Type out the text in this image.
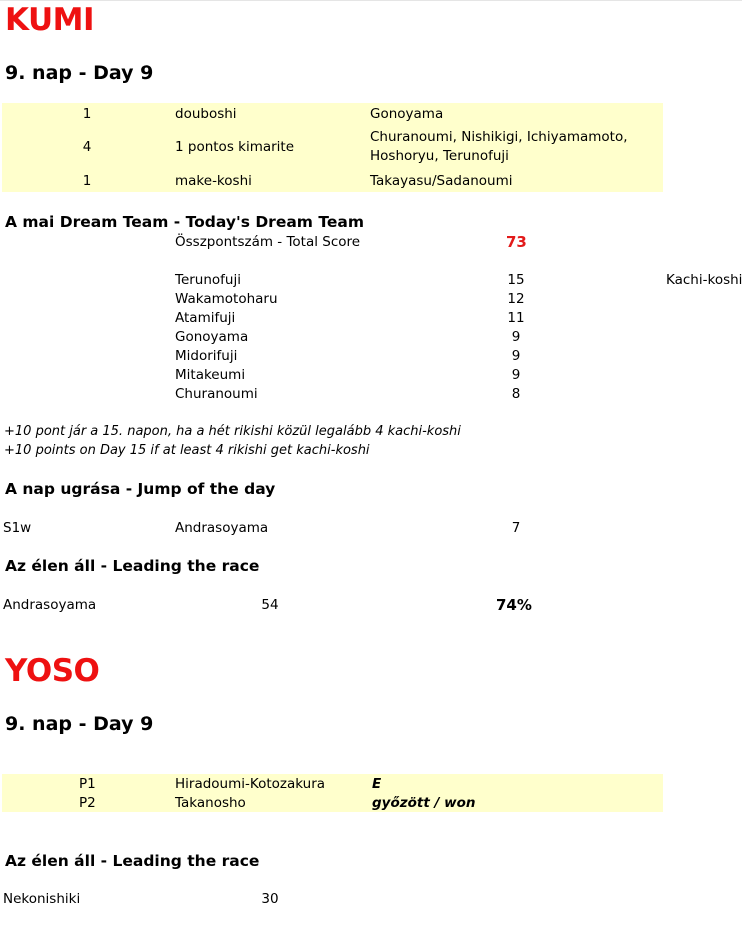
KUMI
9. nap - Day 9
1	douboshi	Gonoyama
4	1 pontos kimarite
Churanoumi, Nishikigi, Ichiyamamoto,
Hoshoryu, Terunofuji
1	make-koshi	Takayasu/Sadanoumi
A mai Dream Team - Today's Dream Team
Összpontszám - Total Score	73
Terunofuji	15	Kachi-koshi
Wakamotoharu	12
Atamifuji	11
Gonoyama	9
Midorifuji	9
Mitakeumi	9
Churanoumi	8
+10 pont jár a 15. napon, ha a hét rikishi közül legalább 4 kachi-koshi
+10 points on Day 15 if at least 4 rikishi get kachi-koshi
A nap ugrása - Jump of the day
S1w	Andrasoyama	7
Az élen áll - Leading the race
Andrasoyama	54	74%
YOSO
9. nap - Day 9
P1	Hiradoumi-Kotozakura	E
P2	Takanosho	győzött / won
Az élen áll - Leading the race
Nekonishiki	30
